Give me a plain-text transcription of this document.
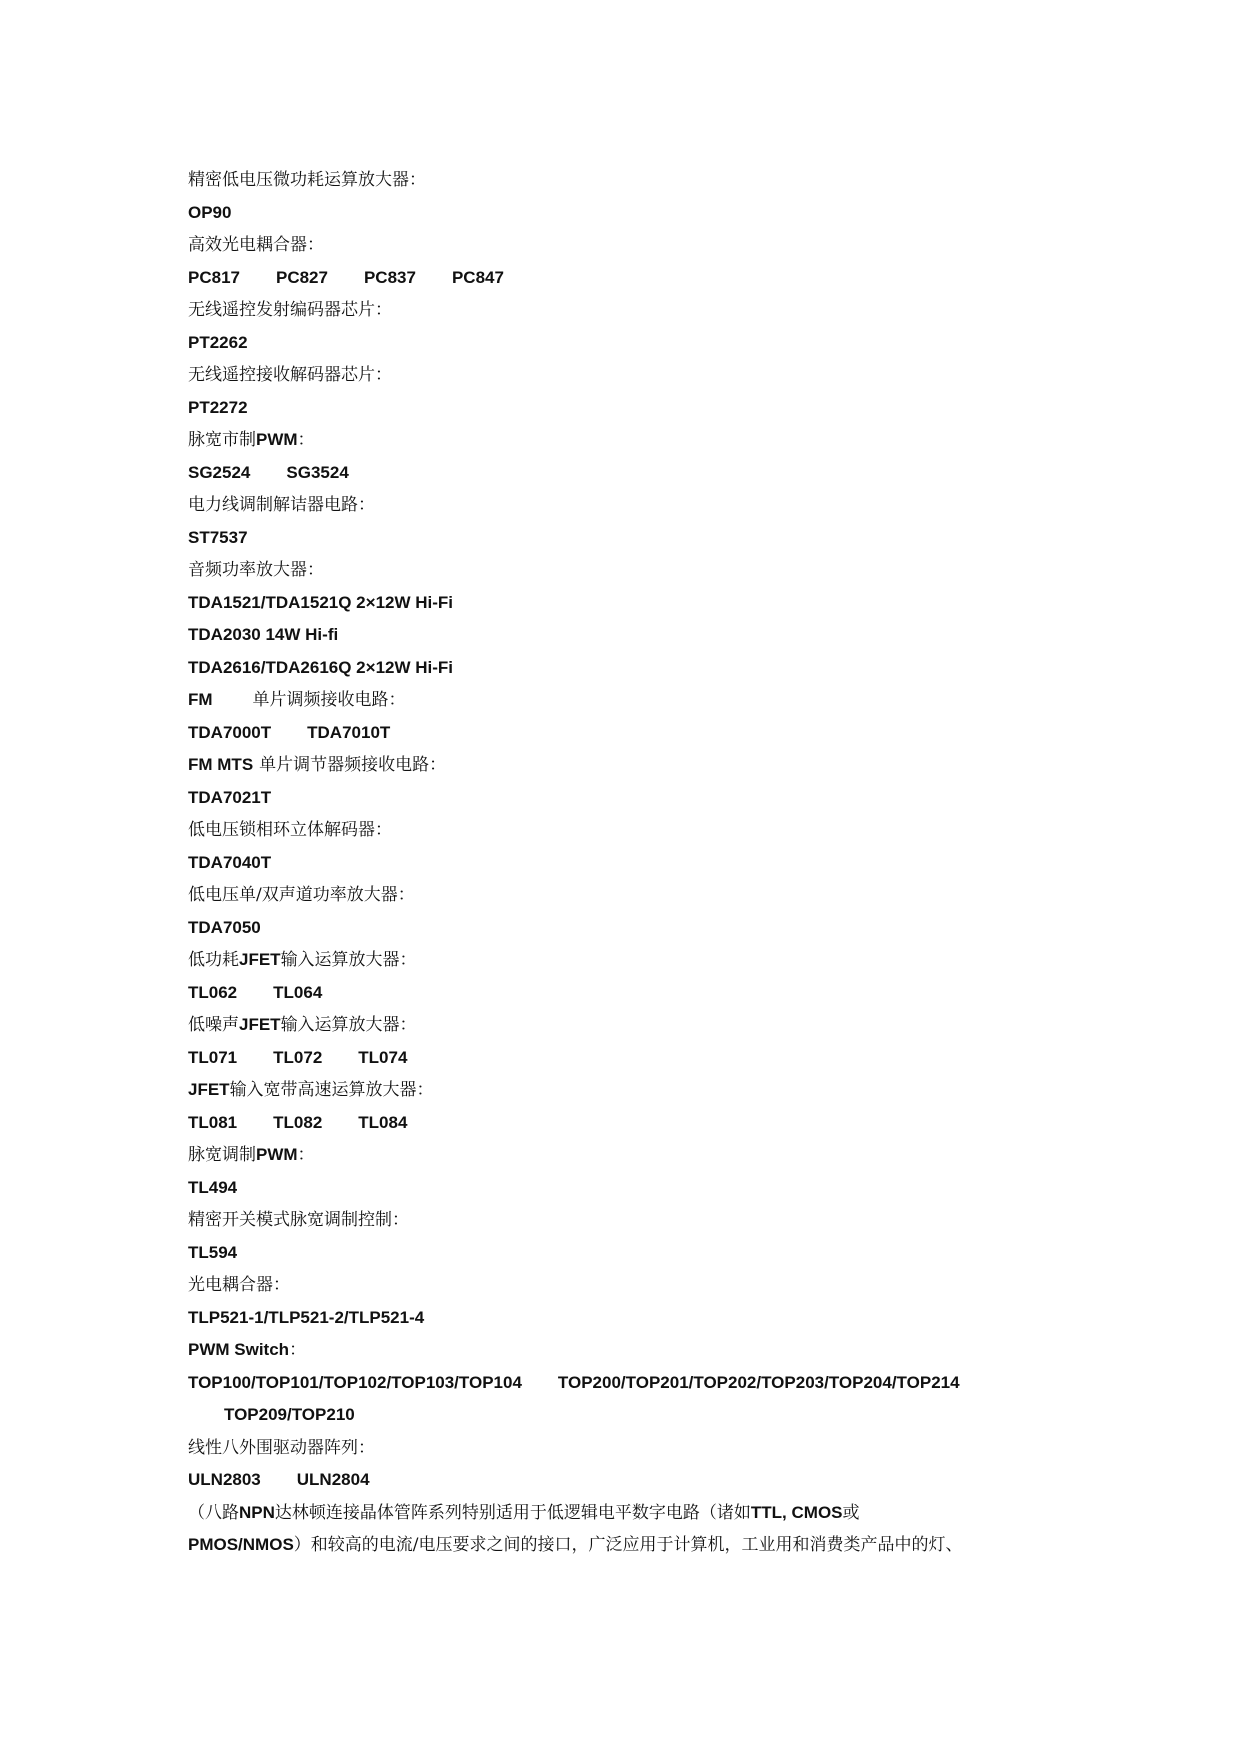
精密低电压微功耗运算放大器：
OP90
高效光电耦合器：
PC817 PC827 PC837 PC847
无线遥控发射编码器芯片：
PT2262
无线遥控接收解码器芯片：
PT2272
脉宽市制PWM：
SG2524 SG3524
电力线调制解诘器电路：
ST7537
音频功率放大器：
TDA1521/TDA1521Q 2×12W Hi-Fi
TDA2030 14W Hi-fi
TDA2616/TDA2616Q 2×12W Hi-Fi
FM 单片调频接收电路：
TDA7000T TDA7010T
FM MTS 单片调节器频接收电路：
TDA7021T
低电压锁相环立体解码器：
TDA7040T
低电压单/双声道功率放大器：
TDA7050
低功耗JFET输入运算放大器：
TL062 TL064
低噪声JFET输入运算放大器：
TL071 TL072 TL074
JFET输入宽带高速运算放大器：
TL081 TL082 TL084
脉宽调制PWM：
TL494
精密开关模式脉宽调制控制：
TL594
光电耦合器：
TLP521-1/TLP521-2/TLP521-4
PWM Switch：
TOP100/TOP101/TOP102/TOP103/TOP104 TOP200/TOP201/TOP202/TOP203/TOP204/TOP214
TOP209/TOP210
线性八外围驱动器阵列：
ULN2803 ULN2804
（八路NPN达林顿连接晶体管阵系列特别适用于低逻辑电平数字电路（诸如TTL, CMOS或
PMOS/NMOS）和较高的电流/电压要求之间的接口，广泛应用于计算机，工业用和消费类产品中的灯、
